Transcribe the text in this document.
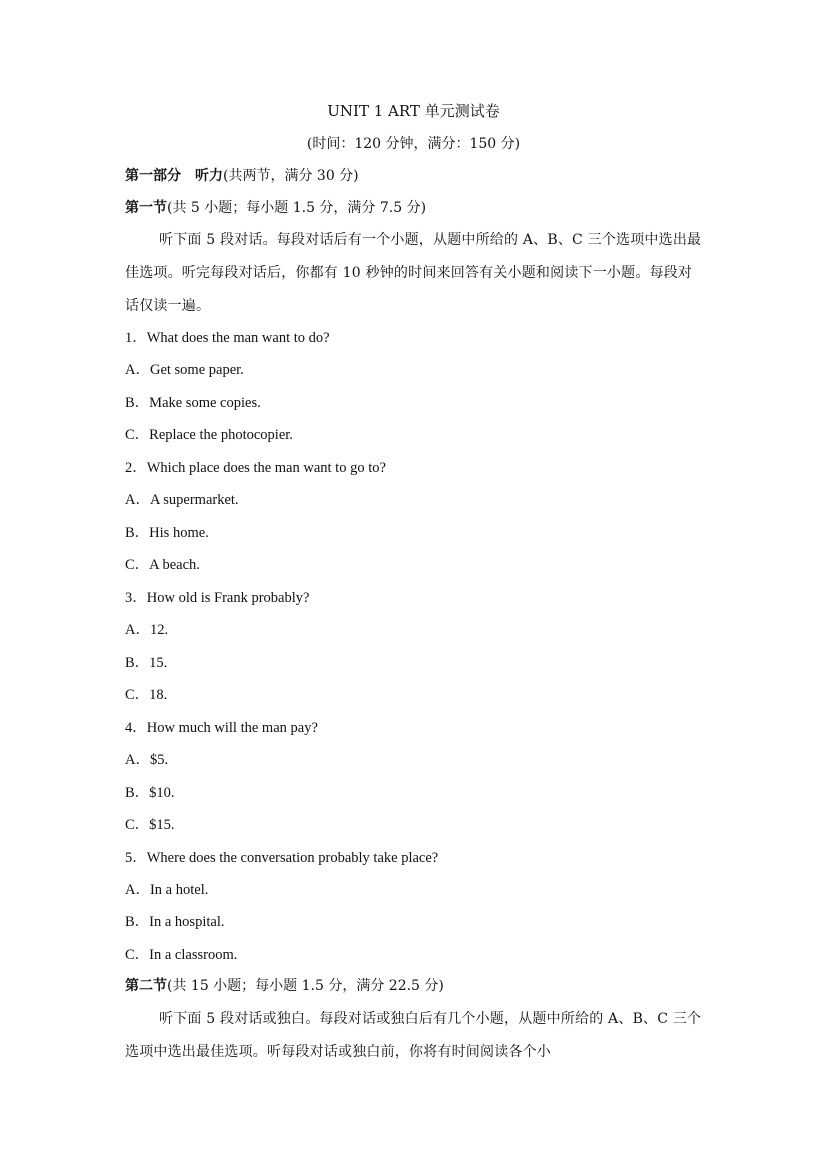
UNIT 1 ART 单元测试卷
(时间：120 分钟，满分：150 分)
第一部分　听力(共两节，满分 30 分)
第一节(共 5 小题；每小题 1.5 分，满分 7.5 分)
听下面 5 段对话。每段对话后有一个小题，从题中所给的 A、B、C 三个选项中选出最佳选项。听完每段对话后，你都有 10 秒钟的时间来回答有关小题和阅读下一小题。每段对话仅读一遍。
1．What does the man want to do?
A．Get some paper.
B．Make some copies.
C．Replace the photocopier.
2．Which place does the man want to go to?
A．A supermarket.
B．His home.
C．A beach.
3．How old is Frank probably?
A．12.
B．15.
C．18.
4．How much will the man pay?
A．$5.
B．$10.
C．$15.
5．Where does the conversation probably take place?
A．In a hotel.
B．In a hospital.
C．In a classroom.
第二节(共 15 小题；每小题 1.5 分，满分 22.5 分)
听下面 5 段对话或独白。每段对话或独白后有几个小题，从题中所给的 A、B、C 三个选项中选出最佳选项。听每段对话或独白前，你将有时间阅读各个小
